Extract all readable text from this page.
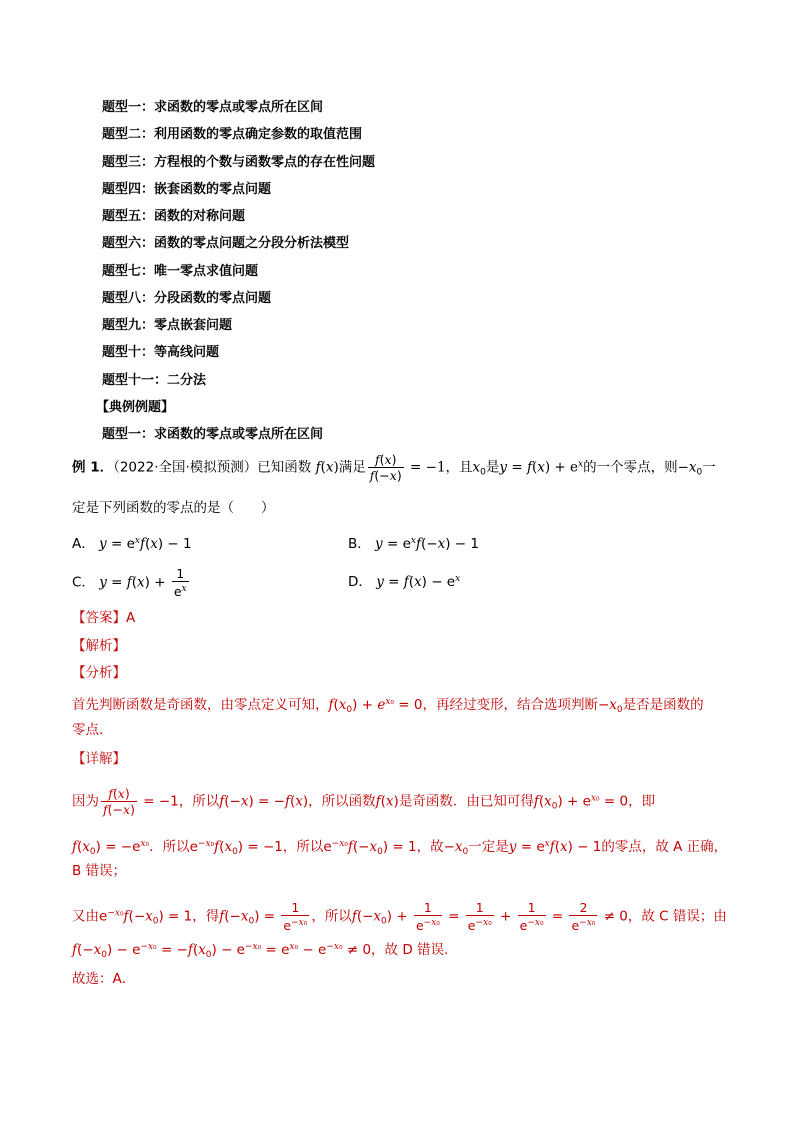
题型一：求函数的零点或零点所在区间
题型二：利用函数的零点确定参数的取值范围
题型三：方程根的个数与函数零点的存在性问题
题型四：嵌套函数的零点问题
题型五：函数的对称问题
题型六：函数的零点问题之分段分析法模型
题型七：唯一零点求值问题
题型八：分段函数的零点问题
题型九：零点嵌套问题
题型十：等高线问题
题型十一：二分法
【典例例题】
题型一：求函数的零点或零点所在区间
例 1．（2022·全国·模拟预测）已知函数 f(x)满足 $\frac{f(x)}{f(-x)} = -1$，且$x_0$是$y = f(x) + e^x$的一个零点，则$-x_0$一
定是下列函数的零点的是（　　）
A． $y = e^xf(x) - 1$	B． $y = e^xf(-x) - 1$
C． $y = f(x) + \frac{1}{e^x}$	D． $y = f(x) - e^x$
【答案】A
【解析】
【分析】
首先判断函数是奇函数，由零点定义可知，$f(x_0) + e^{x_0} = 0$，再经过变形，结合选项判断$-x_0$是否是函数的
零点.
【详解】
因为 $\frac{f(x)}{f(-x)} = -1$，所以f(−x) = −f(x)，所以函数f(x)是奇函数．由已知可得$f(x_0) + e^{x_0} = 0$，即
$f(x_0) = -e^{x_0}$．所以$e^{-x_0}f(x_0) = -1$，所以$e^{-x_0}f(-x_0) = 1$，故$-x_0$一定是$y = e^xf(x) - 1$的零点，故 A 正确，
B 错误；
又由$e^{-x_0}f(-x_0) = 1$，得$f(-x_0) = \frac{1}{e^{-x_0}}$ ，所以$f(-x_0) + \frac{1}{e^{-x_0}} = \frac{1}{e^{-x_0}} + \frac{1}{e^{-x_0}} = \frac{2}{e^{-x_0}} \ne 0$，故 C 错误；由
$f(-x_0) - e^{-x_0} = -f(x_0) - e^{-x_0} = e^{x_0} - e^{-x_0} \ne 0$，故 D 错误.
故选：A．
